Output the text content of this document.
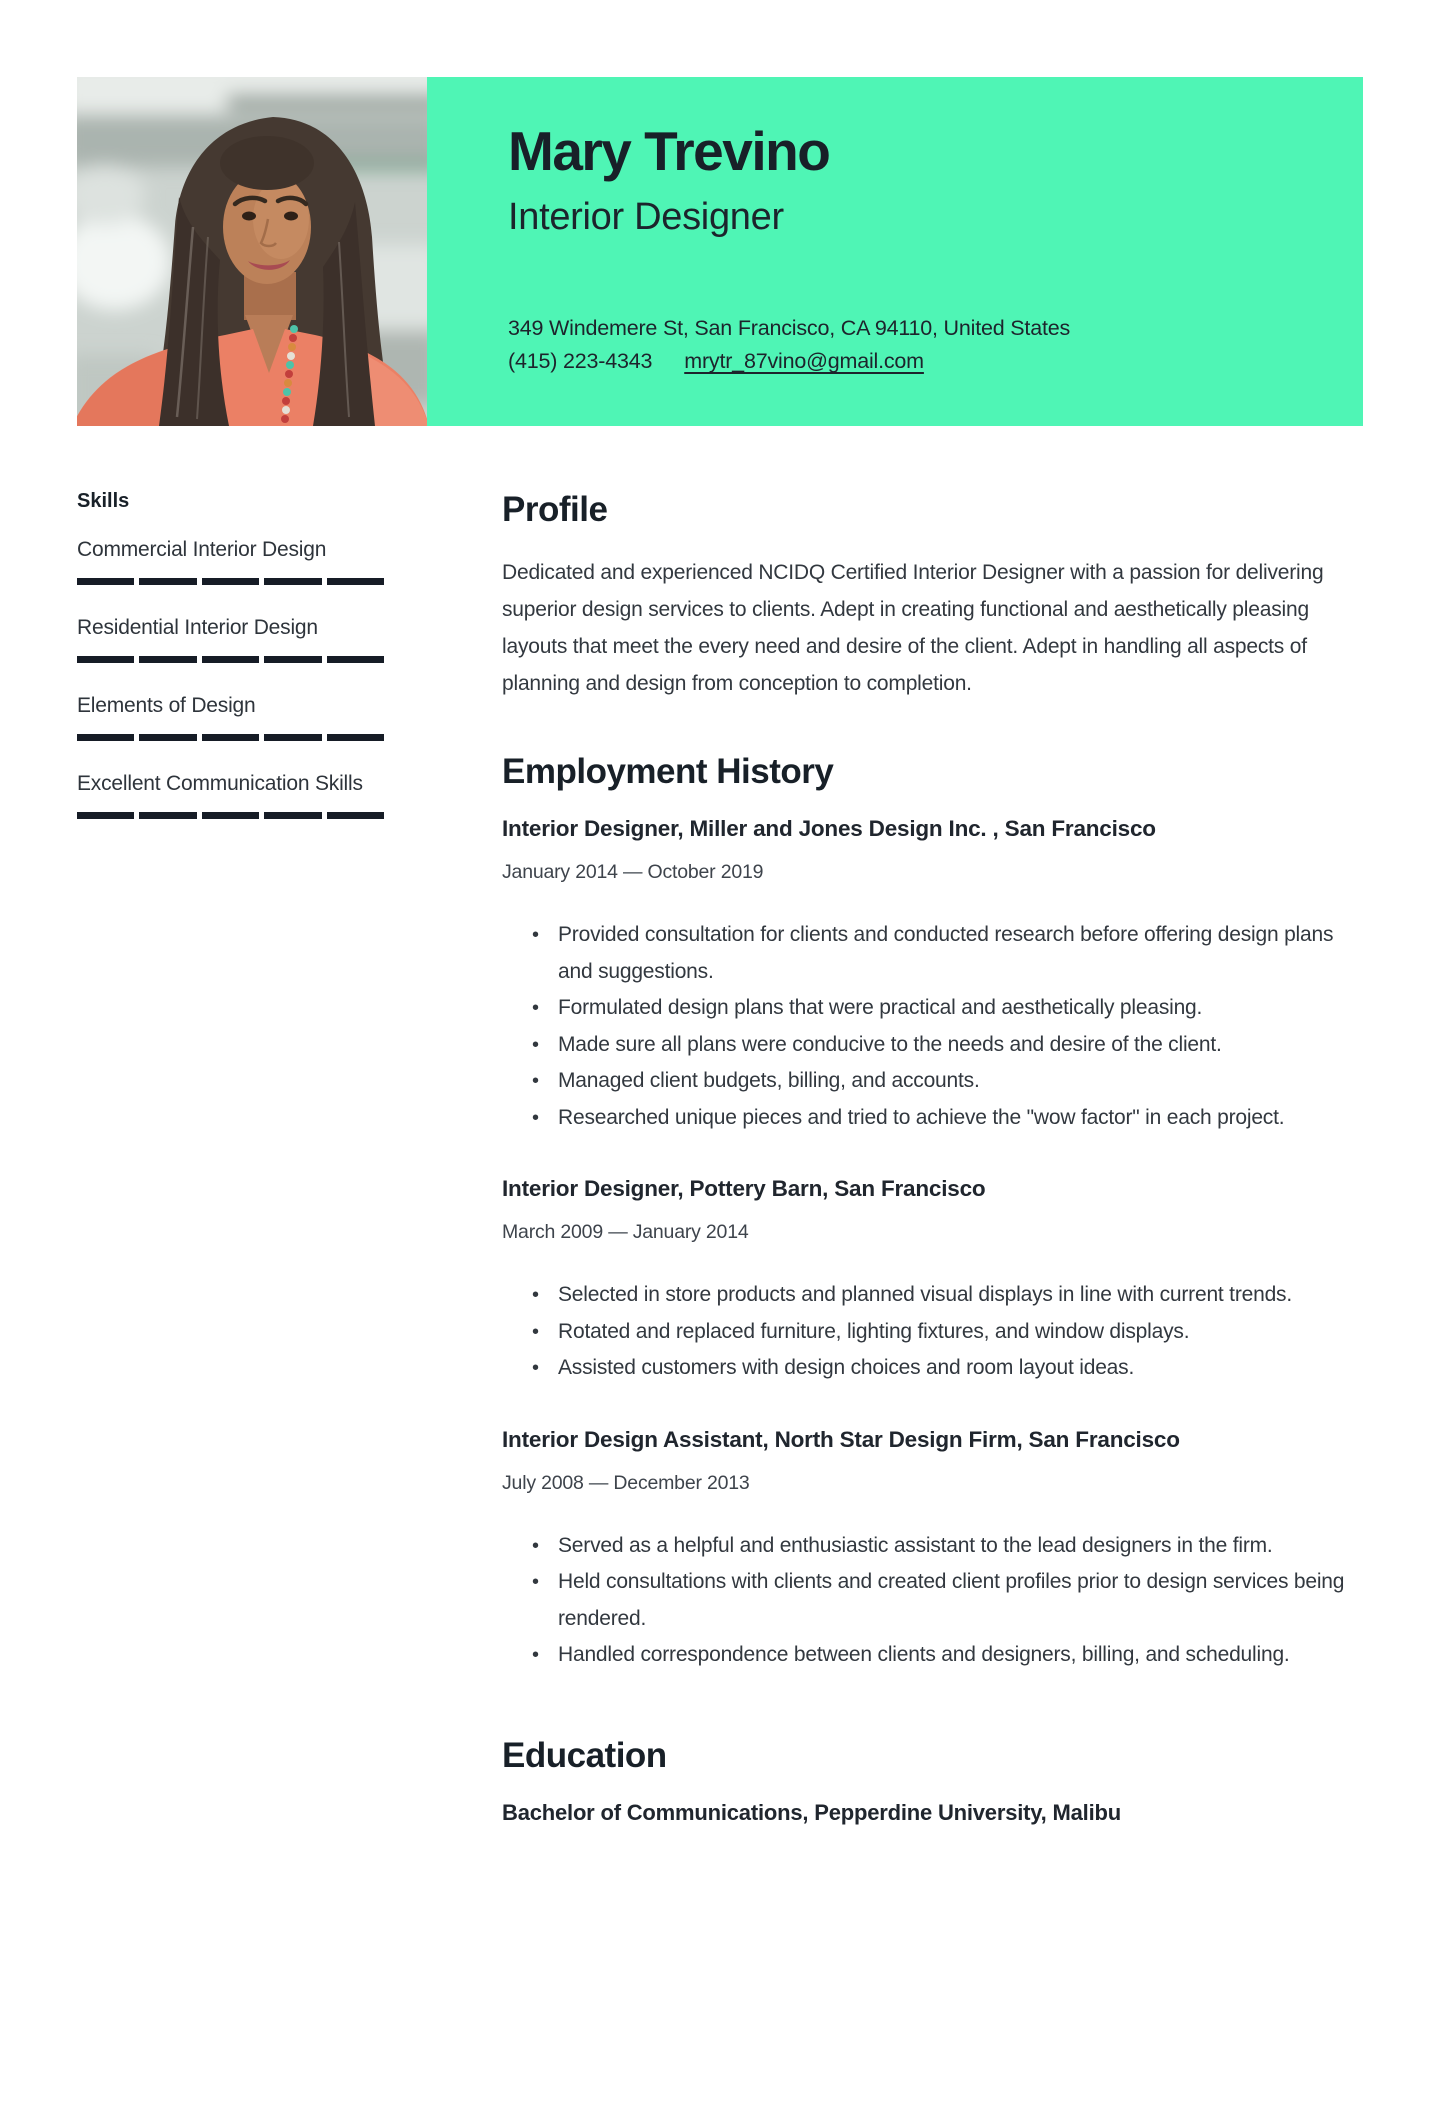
Mary Trevino
Interior Designer
349 Windemere St, San Francisco, CA 94110, United States
(415) 223-4343 mrytr_87vino@gmail.com
Skills
Commercial Interior Design
Residential Interior Design
Elements of Design
Excellent Communication Skills
Profile

Dedicated and experienced NCIDQ Certified Interior Designer with a passion for delivering superior design services to clients. Adept in creating functional and aesthetically pleasing layouts that meet the every need and desire of the client. Adept in handling all aspects of planning and design from conception to completion.

Employment History
Interior Designer, Miller and Jones Design Inc. , San Francisco
January 2014 — October 2019
• Provided consultation for clients and conducted research before offering design plans and suggestions.
• Formulated design plans that were practical and aesthetically pleasing.
• Made sure all plans were conducive to the needs and desire of the client.
• Managed client budgets, billing, and accounts.
• Researched unique pieces and tried to achieve the "wow factor" in each project.
Interior Designer, Pottery Barn, San Francisco
March 2009 — January 2014
• Selected in store products and planned visual displays in line with current trends.
• Rotated and replaced furniture, lighting fixtures, and window displays.
• Assisted customers with design choices and room layout ideas.
Interior Design Assistant, North Star Design Firm, San Francisco
July 2008 — December 2013
• Served as a helpful and enthusiastic assistant to the lead designers in the firm.
• Held consultations with clients and created client profiles prior to design services being rendered.
• Handled correspondence between clients and designers, billing, and scheduling.
Education
Bachelor of Communications, Pepperdine University, Malibu
